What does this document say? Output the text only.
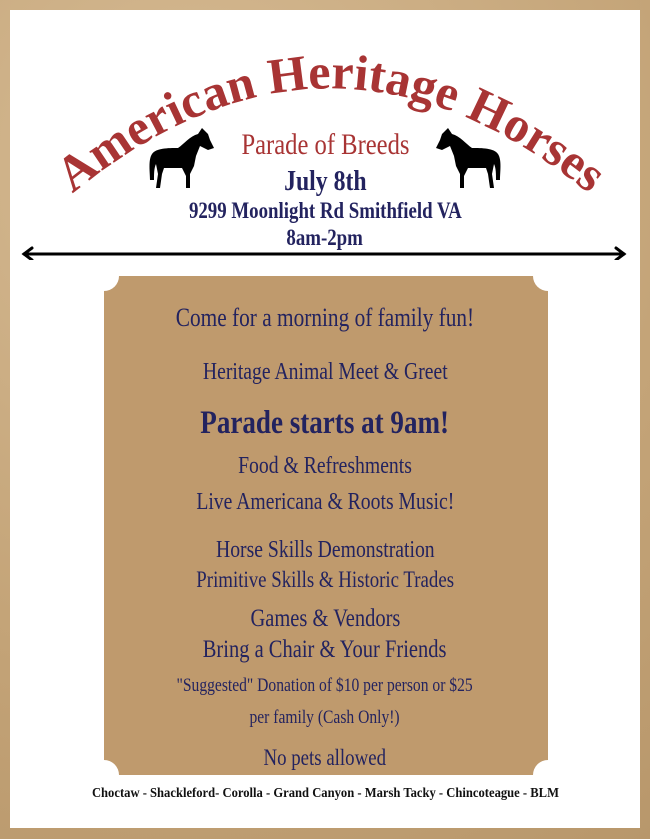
American Heritage Horses
Parade of Breeds
July 8th
9299 Moonlight Rd Smithfield VA
8am-2pm
Come for a morning of family fun!
Heritage Animal Meet & Greet
Parade starts at 9am!
Food & Refreshments
Live Americana & Roots Music!
Horse Skills Demonstration
Primitive Skills & Historic Trades
Games & Vendors
Bring a Chair & Your Friends
"Suggested" Donation of $10 per person or $25
per family (Cash Only!)
No pets allowed
Choctaw - Shackleford- Corolla - Grand Canyon - Marsh Tacky - Chincoteague - BLM
